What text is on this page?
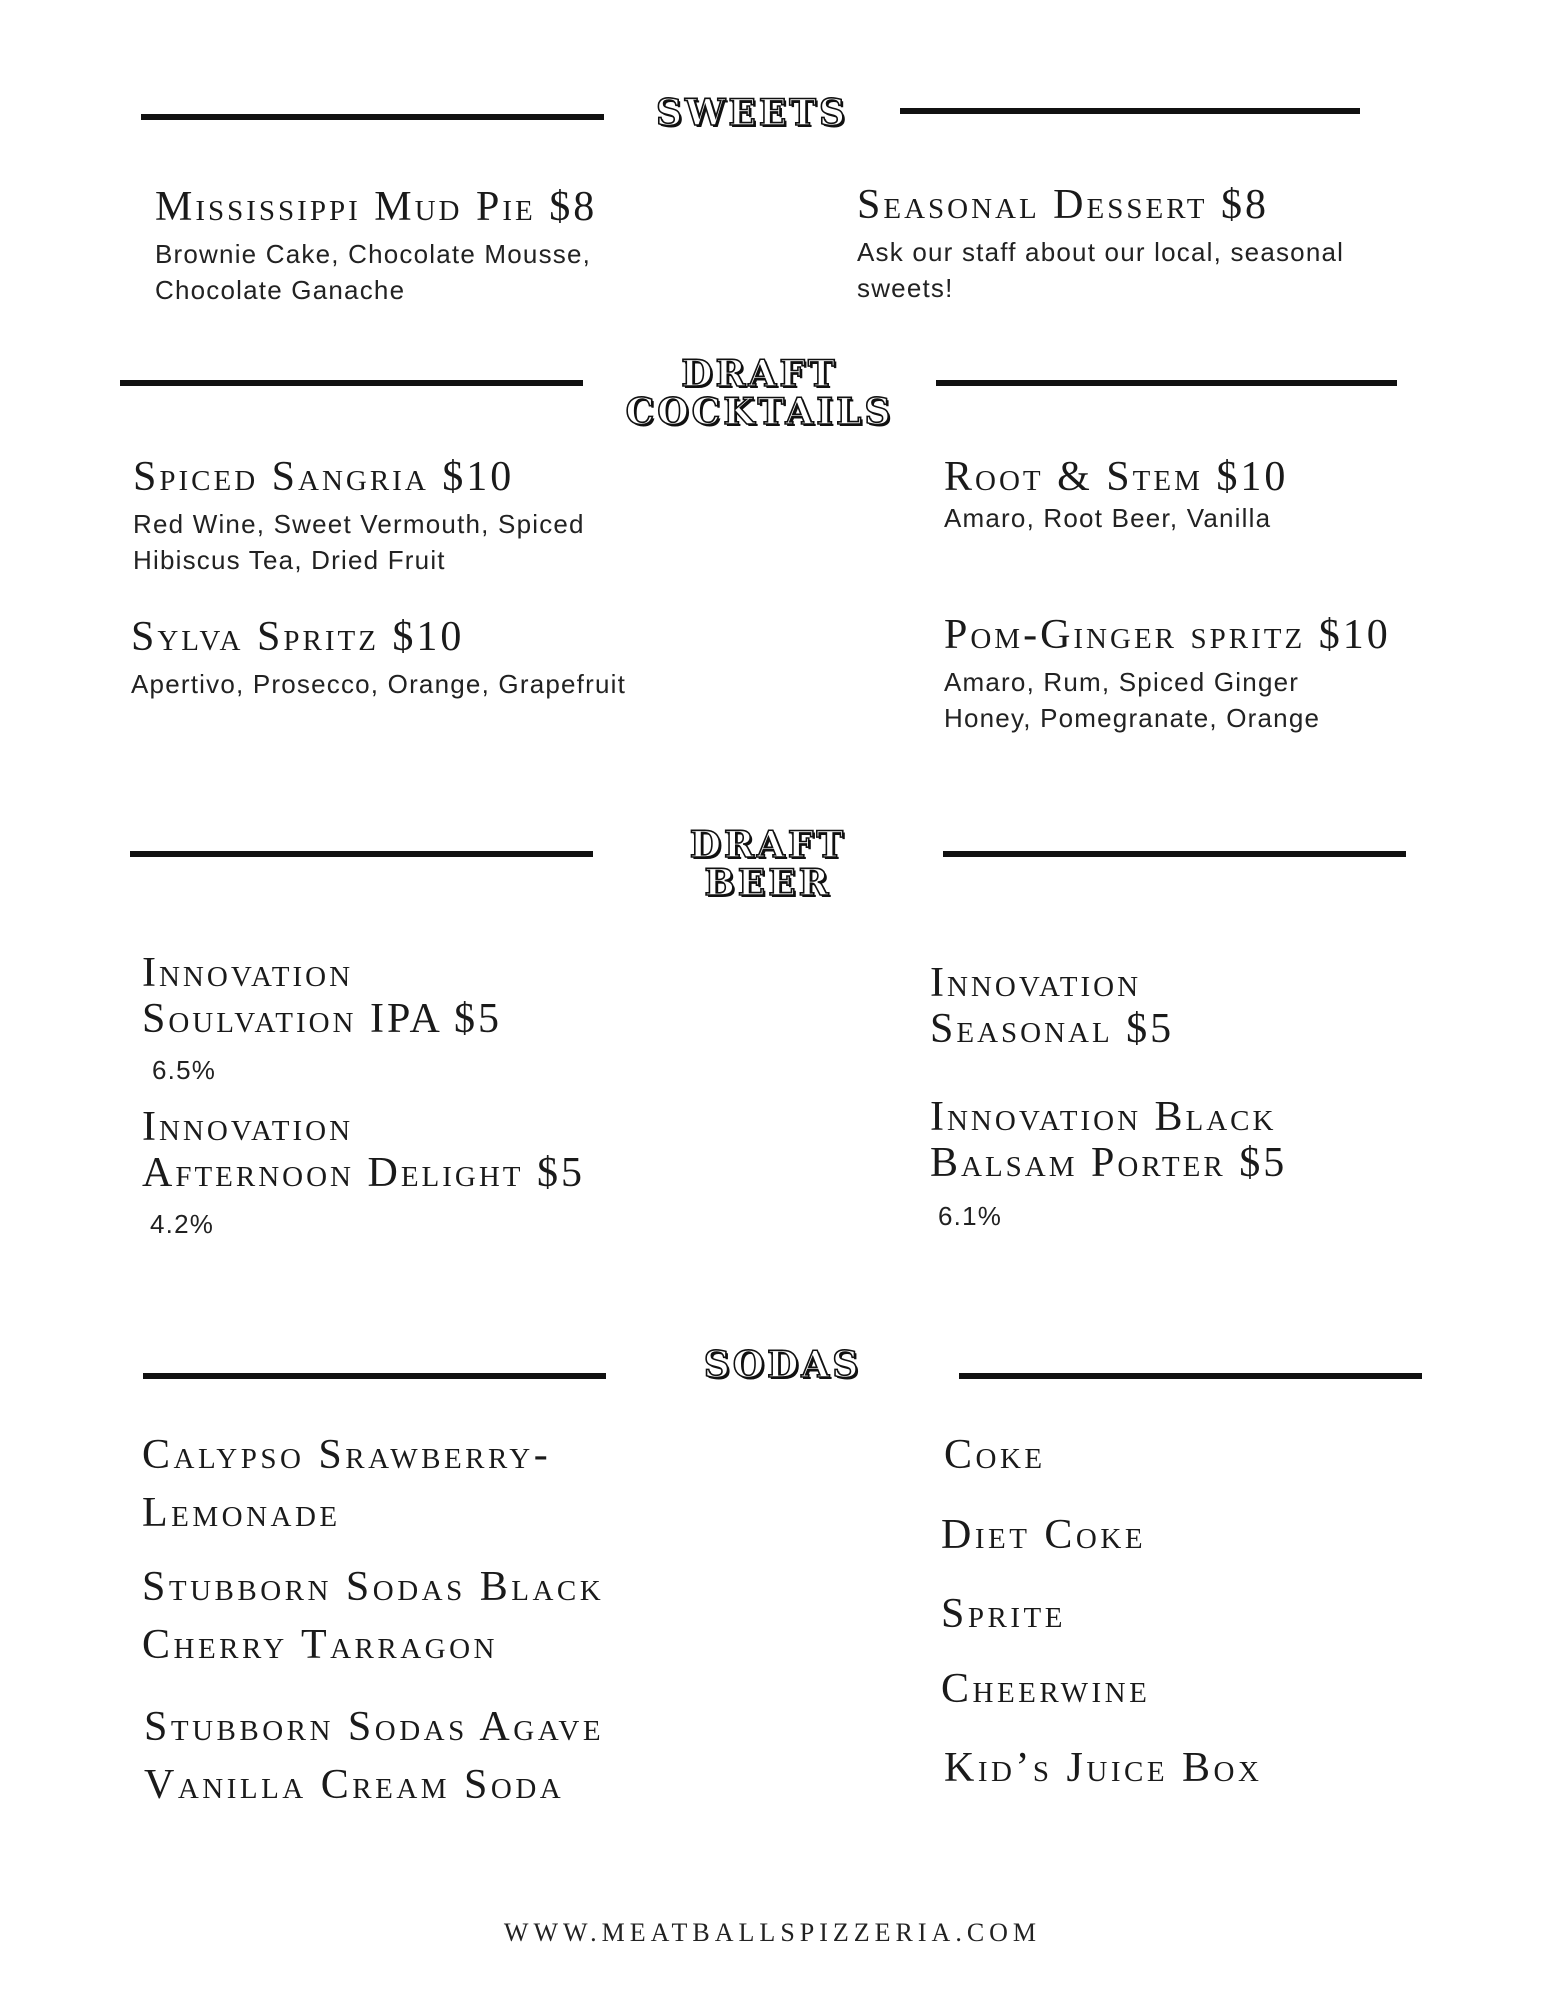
SWEETS
Mississippi Mud Pie $8
Brownie Cake, Chocolate Mousse, Chocolate Ganache
Seasonal Dessert $8
Ask our staff about our local, seasonal sweets!
DRAFT
COCKTAILS
Spiced Sangria $10
Red Wine, Sweet Vermouth, Spiced Hibiscus Tea, Dried Fruit
Root & Stem $10
Amaro, Root Beer, Vanilla
Sylva Spritz $10
Apertivo, Prosecco, Orange, Grapefruit
Pom-Ginger spritz $10
Amaro, Rum, Spiced Ginger Honey, Pomegranate, Orange
DRAFT
BEER
Innovation
Soulvation IPA $5
6.5%
Innovation
Seasonal $5
Innovation
Afternoon Delight $5
4.2%
Innovation Black
Balsam Porter $5
6.1%
SODAS
Calypso Srawberry-
Lemonade
Stubborn Sodas Black
Cherry Tarragon
Stubborn Sodas Agave
Vanilla Cream Soda
Coke
Diet Coke
Sprite
Cheerwine
Kid’s Juice Box
WWW.MEATBALLSPIZZERIA.COM
